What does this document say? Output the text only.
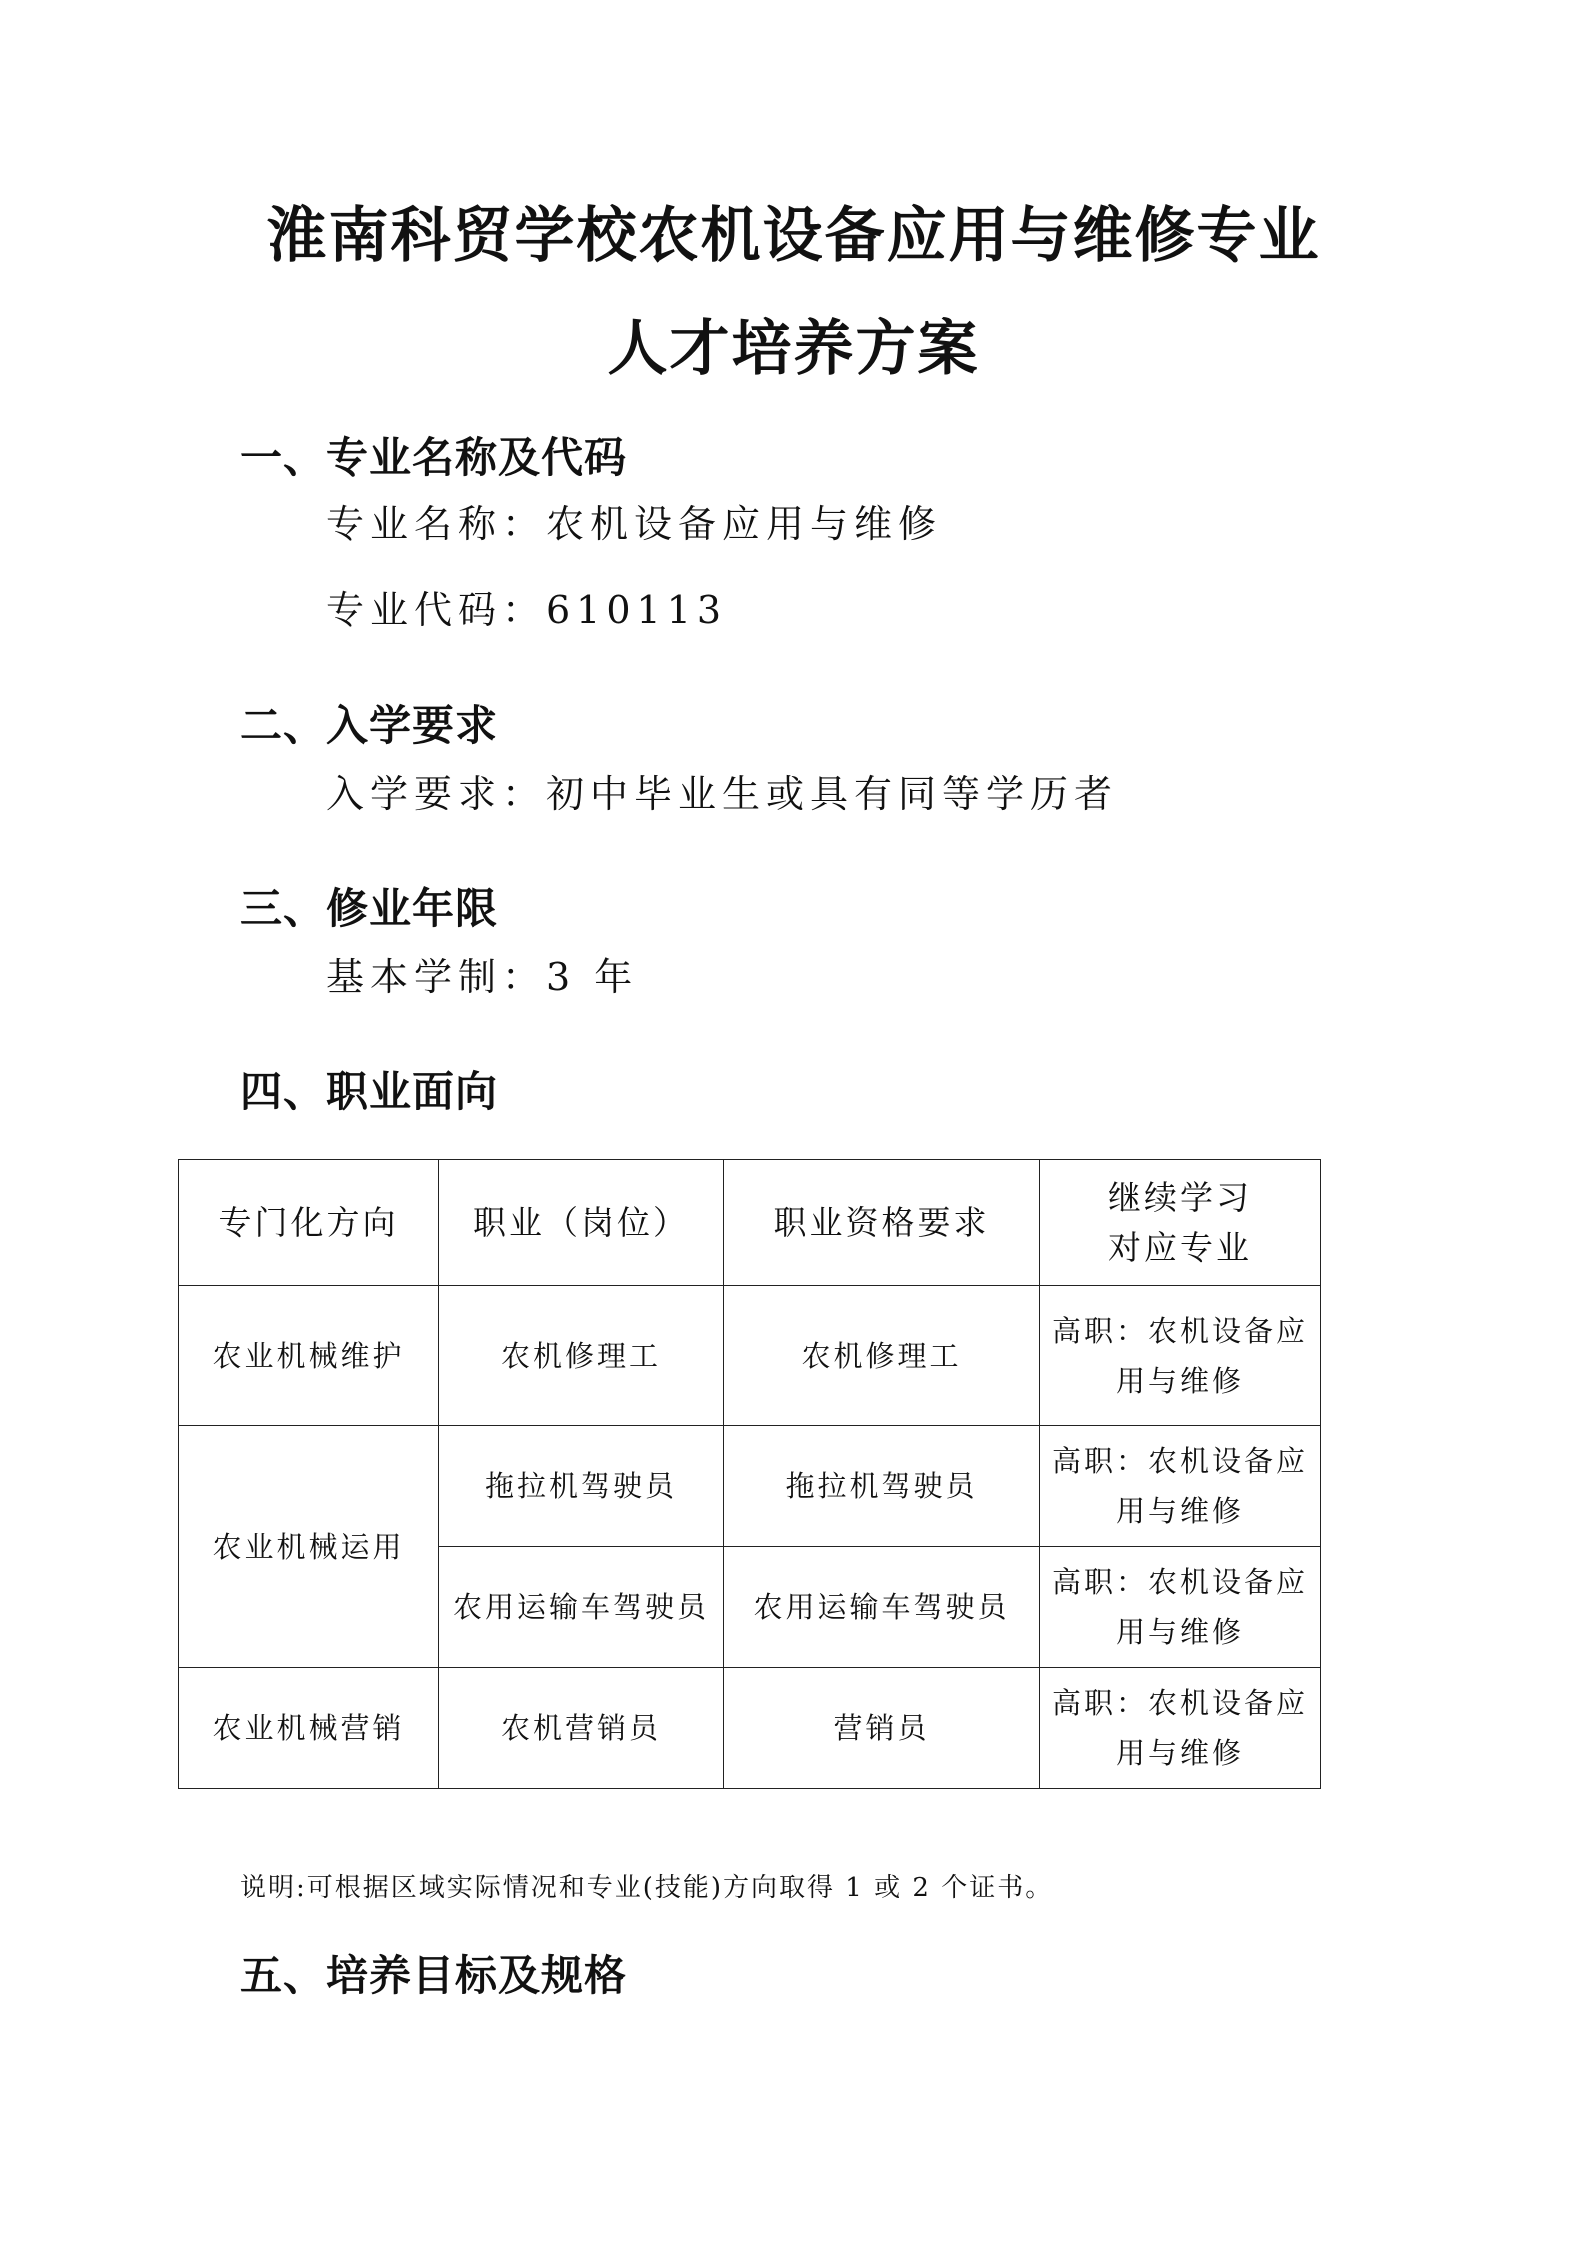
淮南科贸学校农机设备应用与维修专业
人才培养方案
一、专业名称及代码
专业名称：农机设备应用与维修
专业代码：610113
二、入学要求
入学要求：初中毕业生或具有同等学历者
三、修业年限
基本学制：3 年
四、职业面向
专门化方向	职业（岗位）	职业资格要求	继续学习
对应专业

农业机械维护	农机修理工	农机修理工	高职：农机设备应
用与维修

农业机械运用	拖拉机驾驶员	拖拉机驾驶员	高职：农机设备应
用与维修

	农用运输车驾驶员	农用运输车驾驶员	高职：农机设备应
用与维修

农业机械营销	农机营销员	营销员	高职：农机设备应
用与维修
说明:可根据区域实际情况和专业(技能)方向取得 1 或 2 个证书。
五、培养目标及规格
